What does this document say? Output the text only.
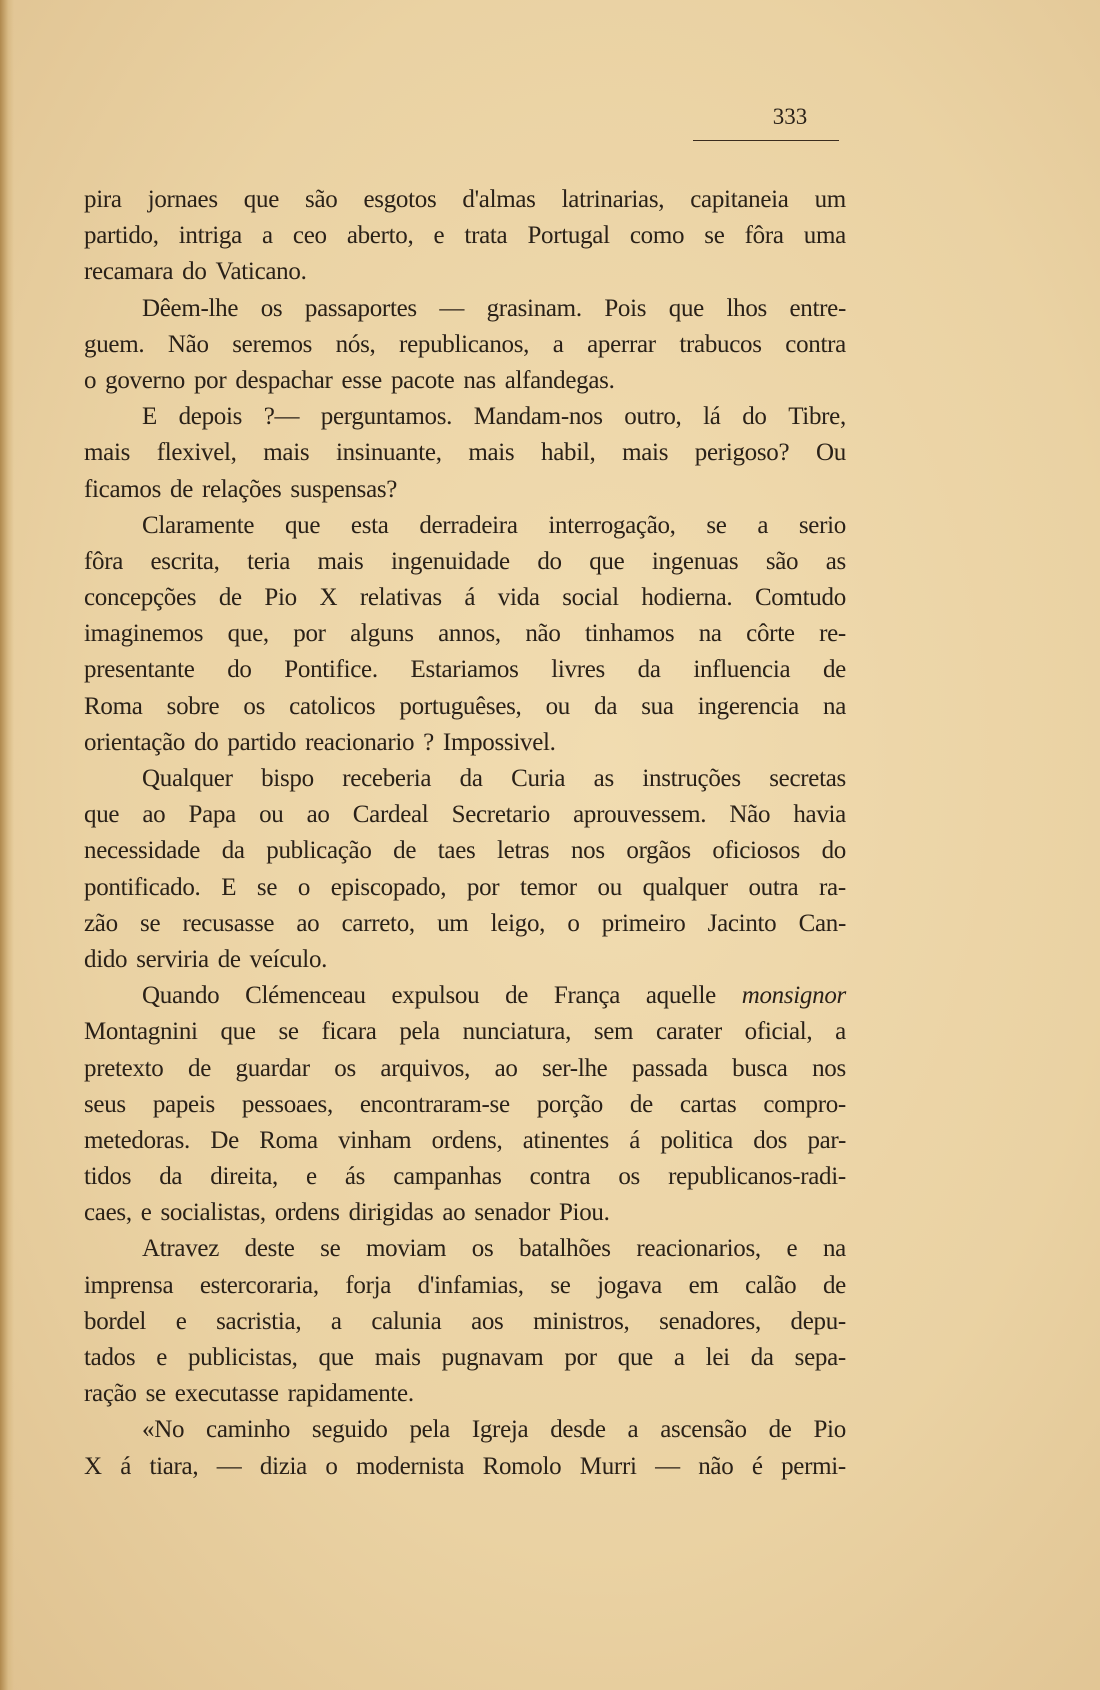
333
pira jornaes que são esgotos d'almas latrinarias, capitaneia um
partido, intriga a ceo aberto, e trata Portugal como se fôra uma
recamara do Vaticano.
Dêem-lhe os passaportes — grasinam. Pois que lhos entre-
guem. Não seremos nós, republicanos, a aperrar trabucos contra
o governo por despachar esse pacote nas alfandegas.
E depois ?— perguntamos. Mandam-nos outro, lá do Tibre,
mais flexivel, mais insinuante, mais habil, mais perigoso? Ou
ficamos de relações suspensas?
Claramente que esta derradeira interrogação, se a serio
fôra escrita, teria mais ingenuidade do que ingenuas são as
concepções de Pio X relativas á vida social hodierna. Comtudo
imaginemos que, por alguns annos, não tinhamos na côrte re-
presentante do Pontifice. Estariamos livres da influencia de
Roma sobre os catolicos portuguêses, ou da sua ingerencia na
orientação do partido reacionario ? Impossivel.
Qualquer bispo receberia da Curia as instruções secretas
que ao Papa ou ao Cardeal Secretario aprouvessem. Não havia
necessidade da publicação de taes letras nos orgãos oficiosos do
pontificado. E se o episcopado, por temor ou qualquer outra ra-
zão se recusasse ao carreto, um leigo, o primeiro Jacinto Can-
dido serviria de veículo.
Quando Clémenceau expulsou de França aquelle monsignor
Montagnini que se ficara pela nunciatura, sem carater oficial, a
pretexto de guardar os arquivos, ao ser-lhe passada busca nos
seus papeis pessoaes, encontraram-se porção de cartas compro-
metedoras. De Roma vinham ordens, atinentes á politica dos par-
tidos da direita, e ás campanhas contra os republicanos-radi-
caes, e socialistas, ordens dirigidas ao senador Piou.
Atravez deste se moviam os batalhões reacionarios, e na
imprensa estercoraria, forja d'infamias, se jogava em calão de
bordel e sacristia, a calunia aos ministros, senadores, depu-
tados e publicistas, que mais pugnavam por que a lei da sepa-
ração se executasse rapidamente.
«No caminho seguido pela Igreja desde a ascensão de Pio
X á tiara, — dizia o modernista Romolo Murri — não é permi-
